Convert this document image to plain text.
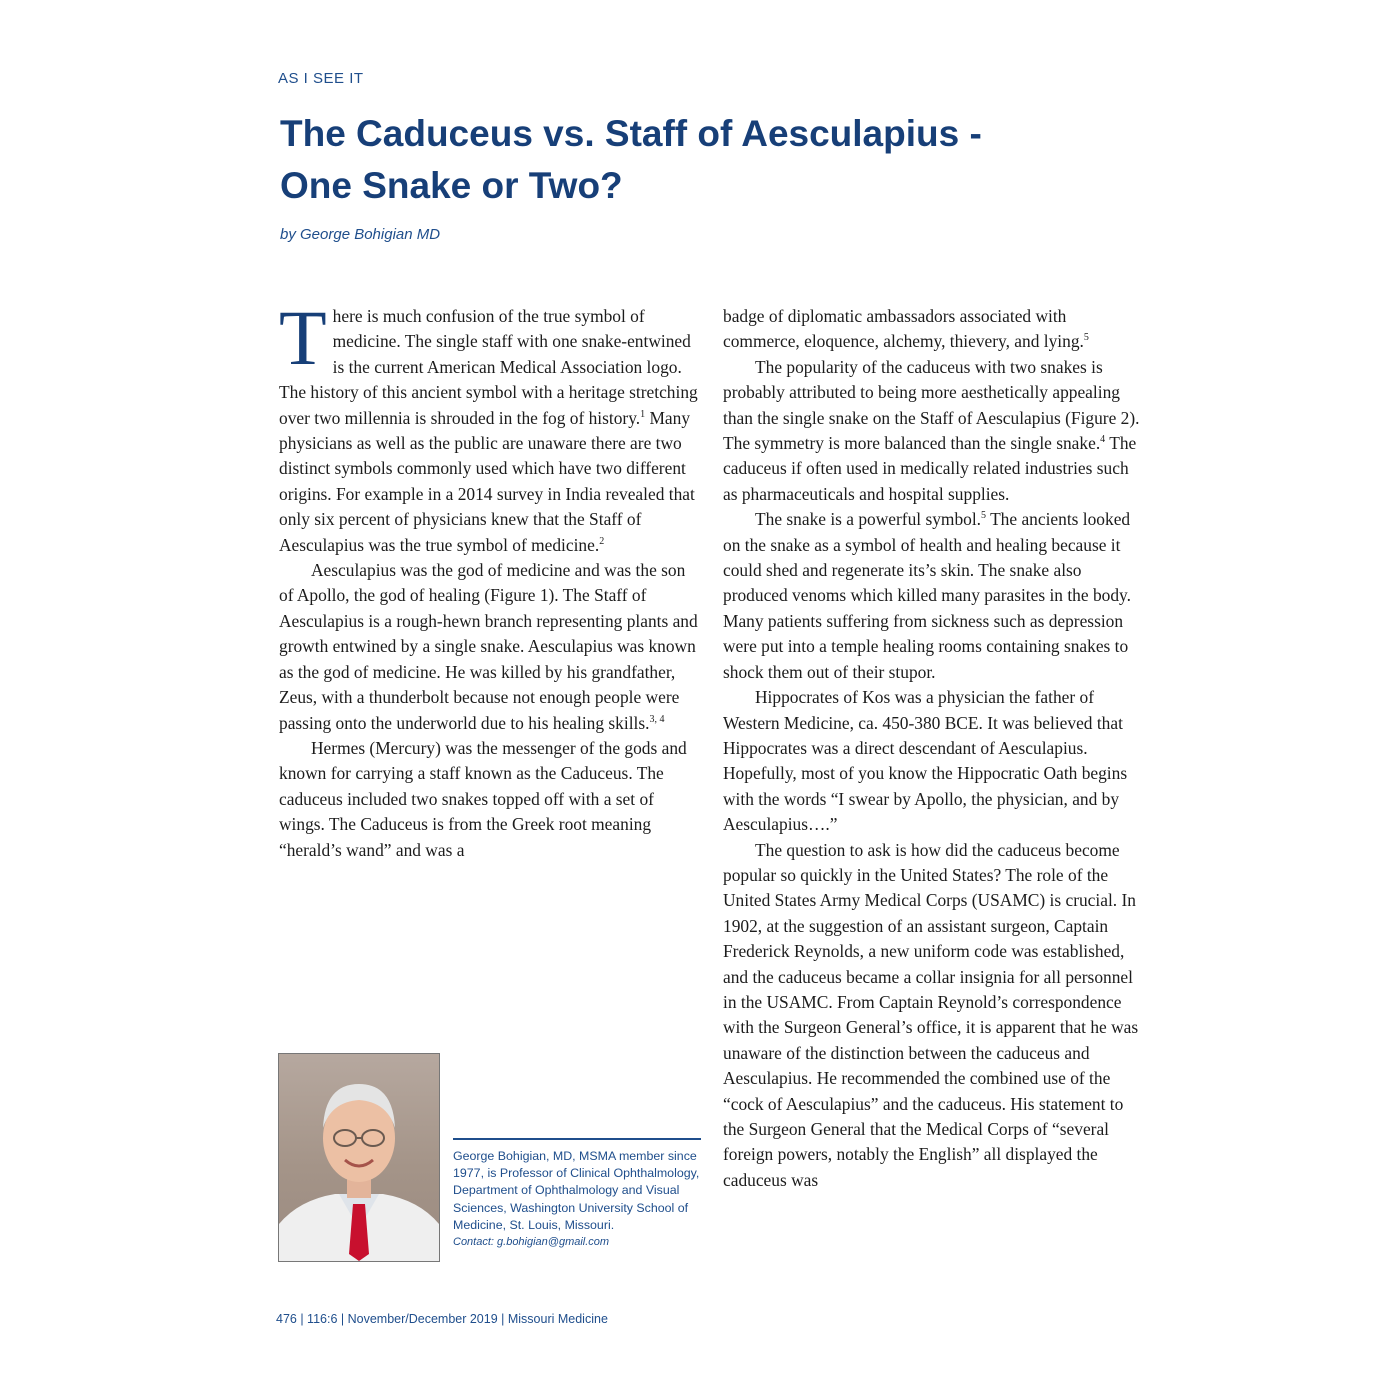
AS I SEE IT
The Caduceus vs. Staff of Aesculapius -
One Snake or Two?
by George Bohigian MD

There is much confusion of the true symbol of medicine. The single staff with one snake-entwined is the current American Medical Association logo. The history of this ancient symbol with a heritage stretching over two millennia is shrouded in the fog of history.$^1$ Many physicians as well as the public are unaware there are two distinct symbols commonly used which have two different origins. For example in a 2014 survey in India revealed that only six percent of physicians knew that the Staff of Aesculapius was the true symbol of medicine.$^2$

Aesculapius was the god of medicine and was the son of Apollo, the god of healing (Figure 1). The Staff of Aesculapius is a rough-hewn branch representing plants and growth entwined by a single snake. Aesculapius was known as the god of medicine. He was killed by his grandfather, Zeus, with a thunderbolt because not enough people were passing onto the underworld due to his healing skills.$^{3, 4}$

Hermes (Mercury) was the messenger of the gods and known for carrying a staff known as the Caduceus. The caduceus included two snakes topped off with a set of wings. The Caduceus is from the Greek root meaning “herald’s wand” and was a

George Bohigian, MD, MSMA member since 1977, is Professor of Clinical Ophthalmology, Department of Ophthalmology and Visual Sciences, Washington University School of Medicine, St. Louis, Missouri.
Contact: g.bohigian@gmail.com

badge of diplomatic ambassadors associated with commerce, eloquence, alchemy, thievery, and lying.$^5$

The popularity of the caduceus with two snakes is probably attributed to being more aesthetically appealing than the single snake on the Staff of Aesculapius (Figure 2). The symmetry is more balanced than the single snake.$^4$ The caduceus if often used in medically related industries such as pharmaceuticals and hospital supplies.

The snake is a powerful symbol.$^5$ The ancients looked on the snake as a symbol of health and healing because it could shed and regenerate its’s skin. The snake also produced venoms which killed many parasites in the body. Many patients suffering from sickness such as depression were put into a temple healing rooms containing snakes to shock them out of their stupor.

Hippocrates of Kos was a physician the father of Western Medicine, ca. 450-380 BCE. It was believed that Hippocrates was a direct descendant of Aesculapius. Hopefully, most of you know the Hippocratic Oath begins with the words “I swear by Apollo, the physician, and by Aesculapius….”

The question to ask is how did the caduceus become popular so quickly in the United States? The role of the United States Army Medical Corps (USAMC) is crucial. In 1902, at the suggestion of an assistant surgeon, Captain Frederick Reynolds, a new uniform code was established, and the caduceus became a collar insignia for all personnel in the USAMC. From Captain Reynold’s correspondence with the Surgeon General’s office, it is apparent that he was unaware of the distinction between the caduceus and Aesculapius. He recommended the combined use of the “cock of Aesculapius” and the caduceus. His statement to the Surgeon General that the Medical Corps of “several foreign powers, notably the English” all displayed the caduceus was

476 | 116:6 | November/December 2019 | Missouri Medicine
